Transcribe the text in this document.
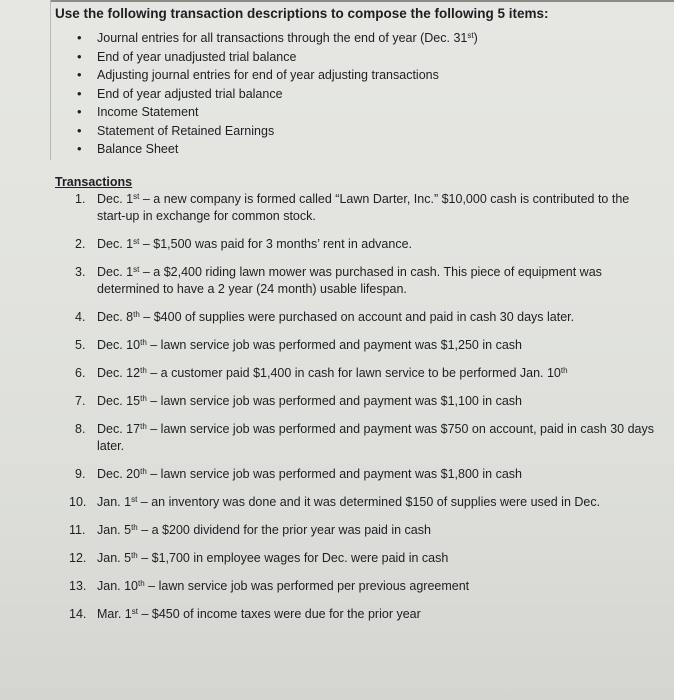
Use the following transaction descriptions to compose the following 5 items:

• Journal entries for all transactions through the end of year (Dec. 31st)
• End of year unadjusted trial balance
• Adjusting journal entries for end of year adjusting transactions
• End of year adjusted trial balance
• Income Statement
• Statement of Retained Earnings
• Balance Sheet

Transactions

1. Dec. 1st – a new company is formed called “Lawn Darter, Inc.” $10,000 cash is contributed to the start-up in exchange for common stock.
2. Dec. 1st – $1,500 was paid for 3 months’ rent in advance.
3. Dec. 1st – a $2,400 riding lawn mower was purchased in cash. This piece of equipment was determined to have a 2 year (24 month) usable lifespan.
4. Dec. 8th – $400 of supplies were purchased on account and paid in cash 30 days later.
5. Dec. 10th – lawn service job was performed and payment was $1,250 in cash
6. Dec. 12th – a customer paid $1,400 in cash for lawn service to be performed Jan. 10th
7. Dec. 15th – lawn service job was performed and payment was $1,100 in cash
8. Dec. 17th – lawn service job was performed and payment was $750 on account, paid in cash 30 days later.
9. Dec. 20th – lawn service job was performed and payment was $1,800 in cash
10. Jan. 1st – an inventory was done and it was determined $150 of supplies were used in Dec.
11. Jan. 5th – a $200 dividend for the prior year was paid in cash
12. Jan. 5th – $1,700 in employee wages for Dec. were paid in cash
13. Jan. 10th – lawn service job was performed per previous agreement
14. Mar. 1st – $450 of income taxes were due for the prior year
